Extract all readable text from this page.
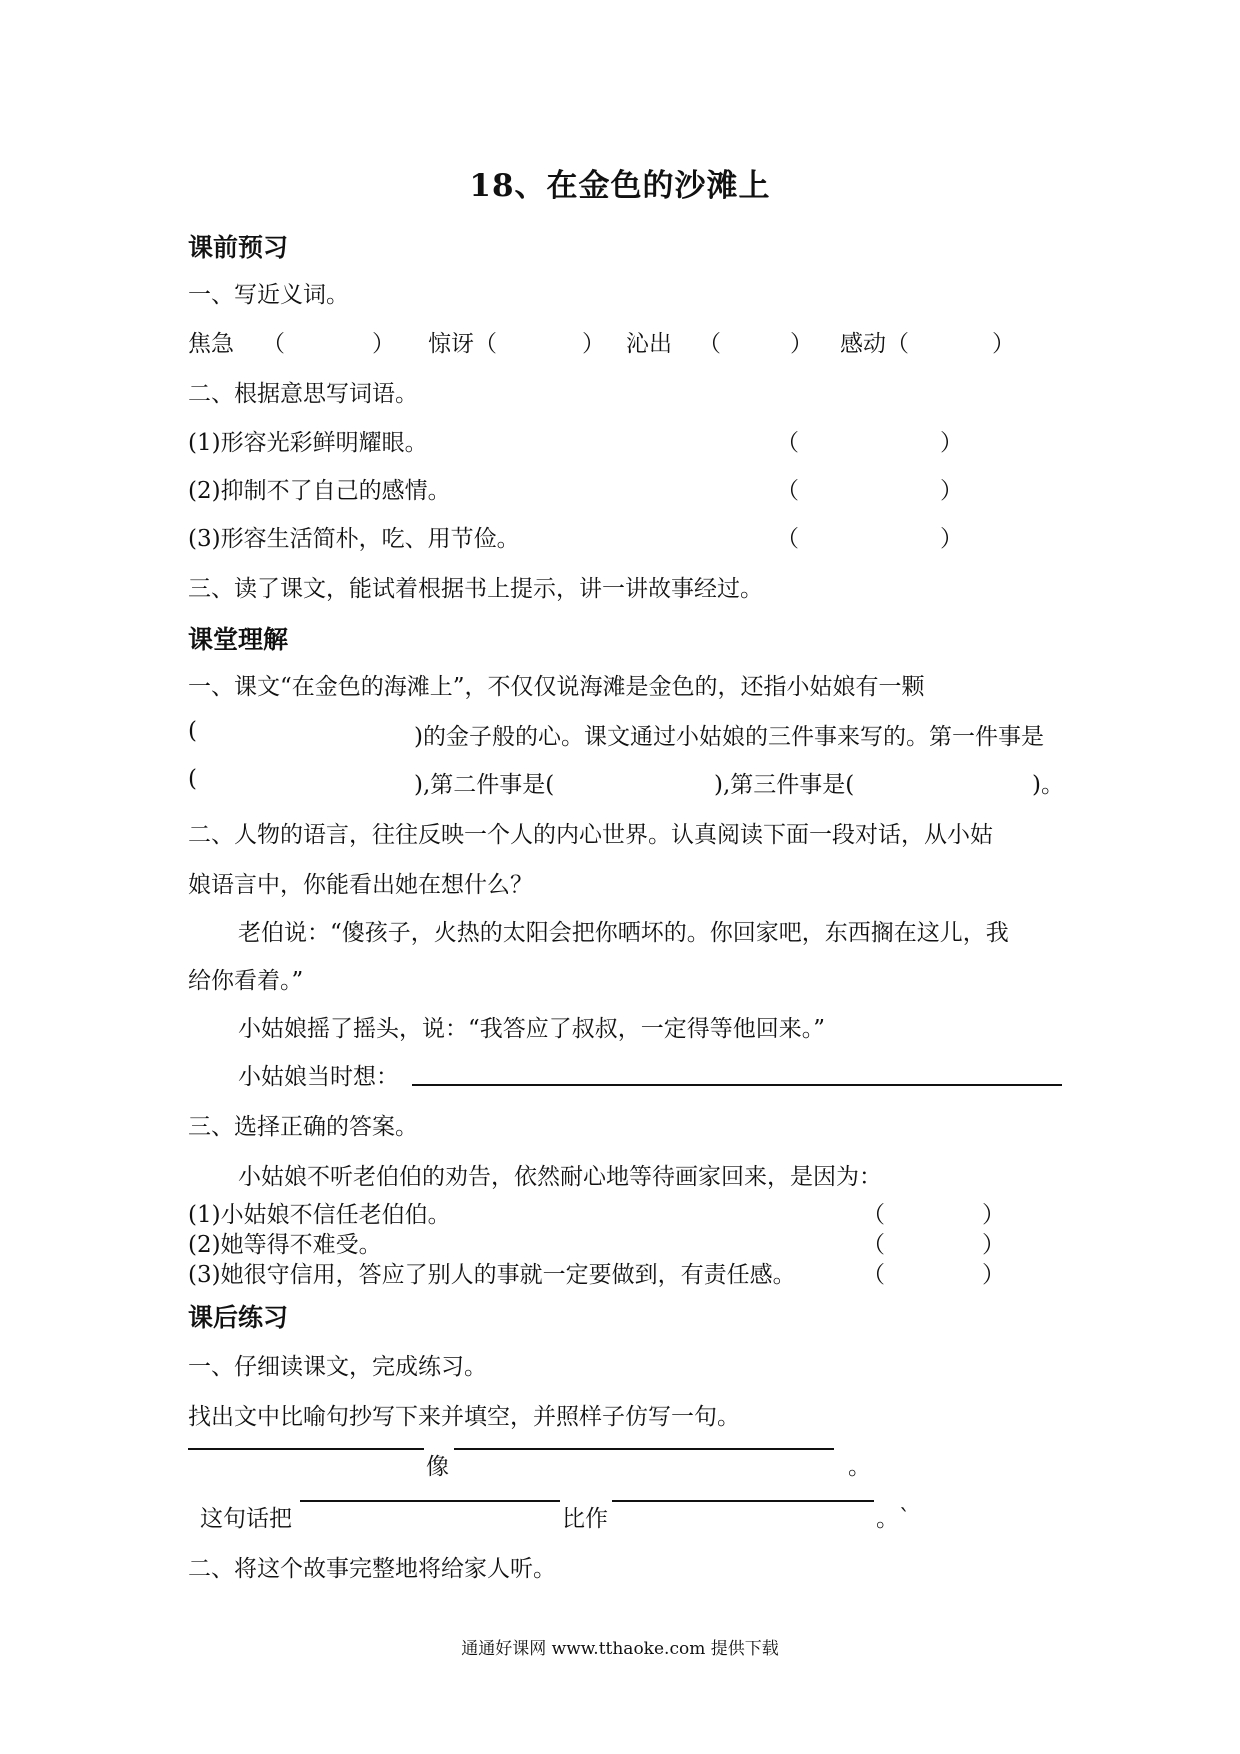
18、在金色的沙滩上
课前预习
一、写近义词。
焦急 （	） 惊讶 （	） 沁出 （	） 感动 （	）
二、根据意思写词语。
(1)形容光彩鲜明耀眼。	（	）
(2)抑制不了自己的感情。	（	）
(3)形容生活简朴，吃、用节俭。	（	）
三、读了课文，能试着根据书上提示，讲一讲故事经过。
课堂理解
一、课文“在金色的海滩上”，不仅仅说海滩是金色的，还指小姑娘有一颗
(	)的金子般的心。课文通过小姑娘的三件事来写的。第一件事是
(	),第二件事是(	),第三件事是(	)。
二、人物的语言，往往反映一个人的内心世界。认真阅读下面一段对话，从小姑
娘语言中，你能看出她在想什么？
老伯说：“傻孩子，火热的太阳会把你晒坏的。你回家吧，东西搁在这儿，我
给你看着。”
小姑娘摇了摇头，说：“我答应了叔叔，一定得等他回来。”
小姑娘当时想：
三、选择正确的答案。
小姑娘不听老伯伯的劝告，依然耐心地等待画家回来，是因为：
(1)小姑娘不信任老伯伯。	（	）
(2)她等得不难受。	（	）
(3)她很守信用，答应了别人的事就一定要做到，有责任感。	（	）
课后练习
一、仔细读课文，完成练习。
找出文中比喻句抄写下来并填空，并照样子仿写一句。
像	。
这句话把	比作	。`
二、将这个故事完整地将给家人听。
通通好课网 www.tthaoke.com 提供下载
